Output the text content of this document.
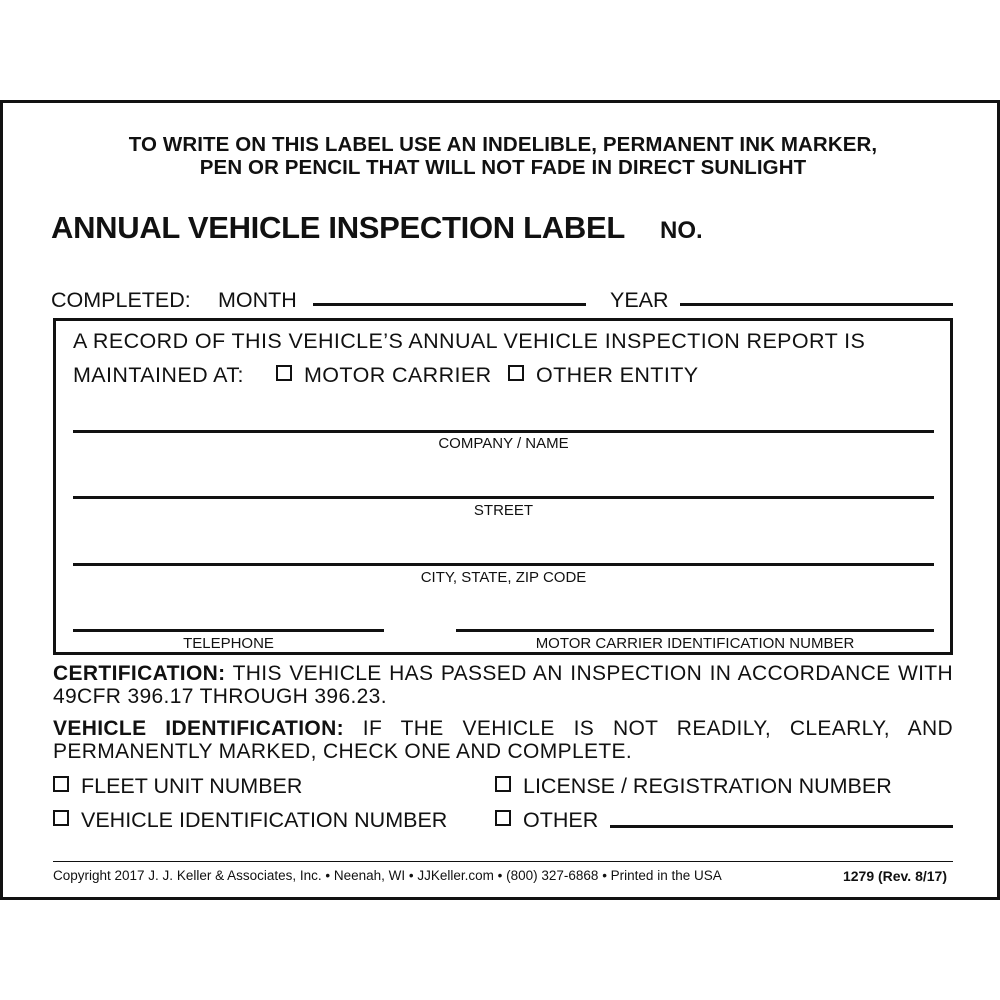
TO WRITE ON THIS LABEL USE AN INDELIBLE, PERMANENT INK MARKER,
PEN OR PENCIL THAT WILL NOT FADE IN DIRECT SUNLIGHT
ANNUAL VEHICLE INSPECTION LABEL NO.
COMPLETED: MONTH	YEAR
A RECORD OF THIS VEHICLE’S ANNUAL VEHICLE INSPECTION REPORT IS
MAINTAINED AT:	MOTOR CARRIER	OTHER ENTITY
COMPANY / NAME
STREET
CITY, STATE, ZIP CODE
TELEPHONE	MOTOR CARRIER IDENTIFICATION NUMBER
CERTIFICATION: THIS VEHICLE HAS PASSED AN INSPECTION IN ACCORDANCE WITH 49CFR 396.17 THROUGH 396.23.
VEHICLE IDENTIFICATION: IF THE VEHICLE IS NOT READILY, CLEARLY, AND PERMANENTLY MARKED, CHECK ONE AND COMPLETE.
FLEET UNIT NUMBER	LICENSE / REGISTRATION NUMBER
VEHICLE IDENTIFICATION NUMBER	OTHER
Copyright 2017 J. J. Keller & Associates, Inc. • Neenah, WI • JJKeller.com • (800) 327-6868 • Printed in the USA	1279 (Rev. 8/17)
